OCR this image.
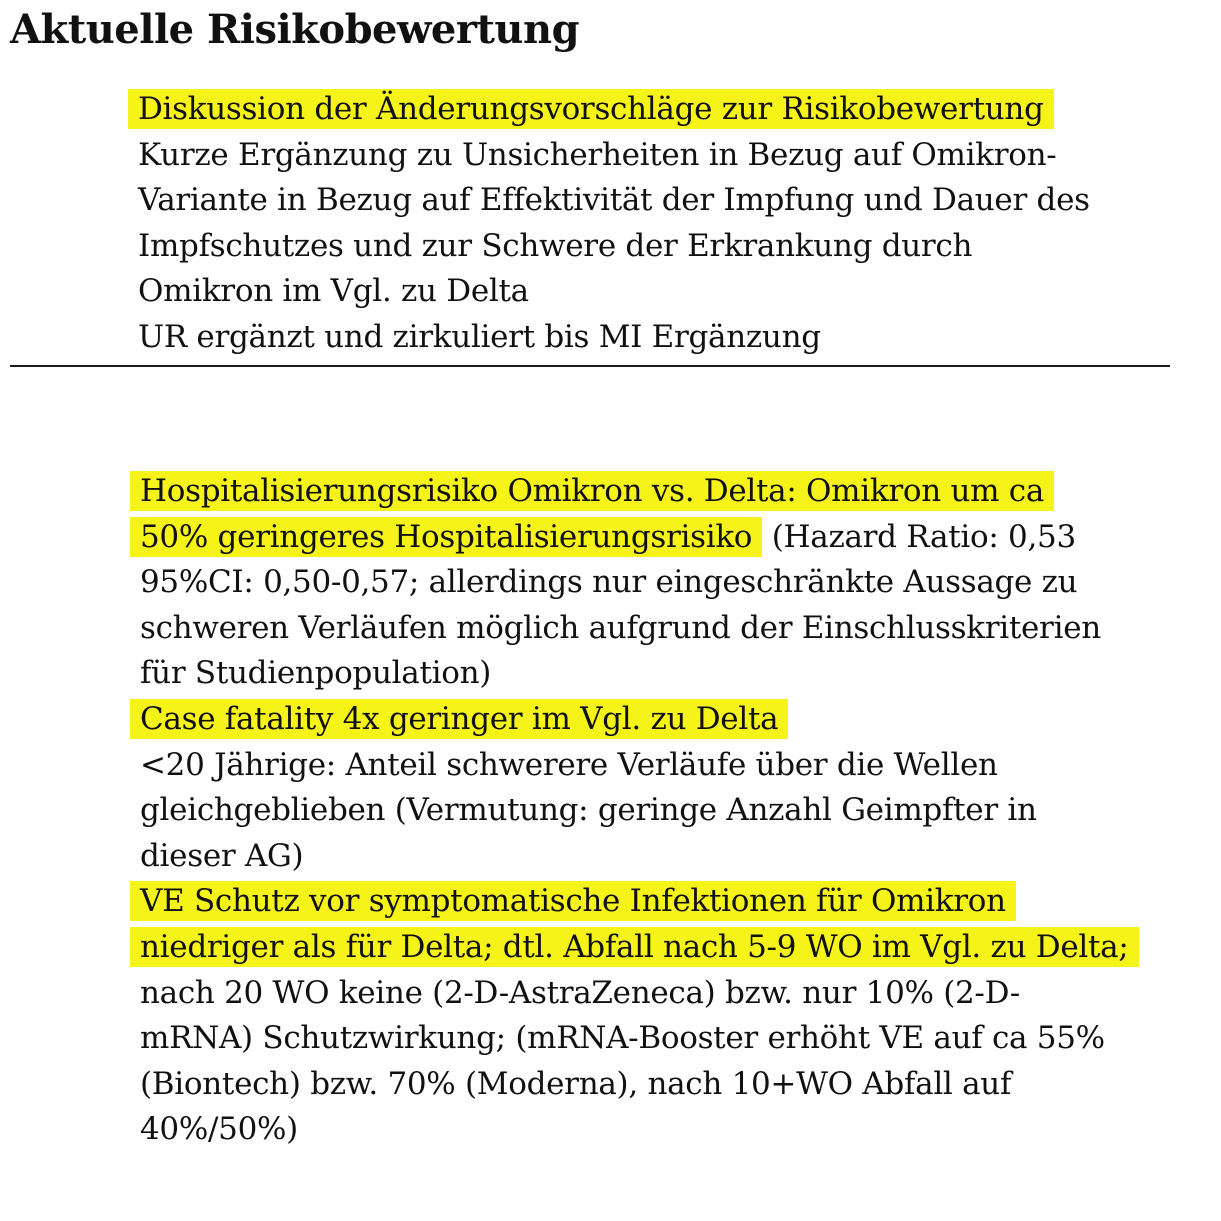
Aktuelle Risikobewertung
Diskussion der Änderungsvorschläge zur Risikobewertung
Kurze Ergänzung zu Unsicherheiten in Bezug auf Omikron-
Variante in Bezug auf Effektivität der Impfung und Dauer des
Impfschutzes und zur Schwere der Erkrankung durch
Omikron im Vgl. zu Delta
UR ergänzt und zirkuliert bis MI Ergänzung
Hospitalisierungsrisiko Omikron vs. Delta: Omikron um ca
50% geringeres Hospitalisierungsrisiko (Hazard Ratio: 0,53
95%CI: 0,50-0,57; allerdings nur eingeschränkte Aussage zu
schweren Verläufen möglich aufgrund der Einschlusskriterien
für Studienpopulation)
Case fatality 4x geringer im Vgl. zu Delta
<20 Jährige: Anteil schwerere Verläufe über die Wellen
gleichgeblieben (Vermutung: geringe Anzahl Geimpfter in
dieser AG)
VE Schutz vor symptomatische Infektionen für Omikron
niedriger als für Delta; dtl. Abfall nach 5-9 WO im Vgl. zu Delta;
nach 20 WO keine (2-D-AstraZeneca) bzw. nur 10% (2-D-
mRNA) Schutzwirkung; (mRNA-Booster erhöht VE auf ca 55%
(Biontech) bzw. 70% (Moderna), nach 10+WO Abfall auf
40%/50%)
